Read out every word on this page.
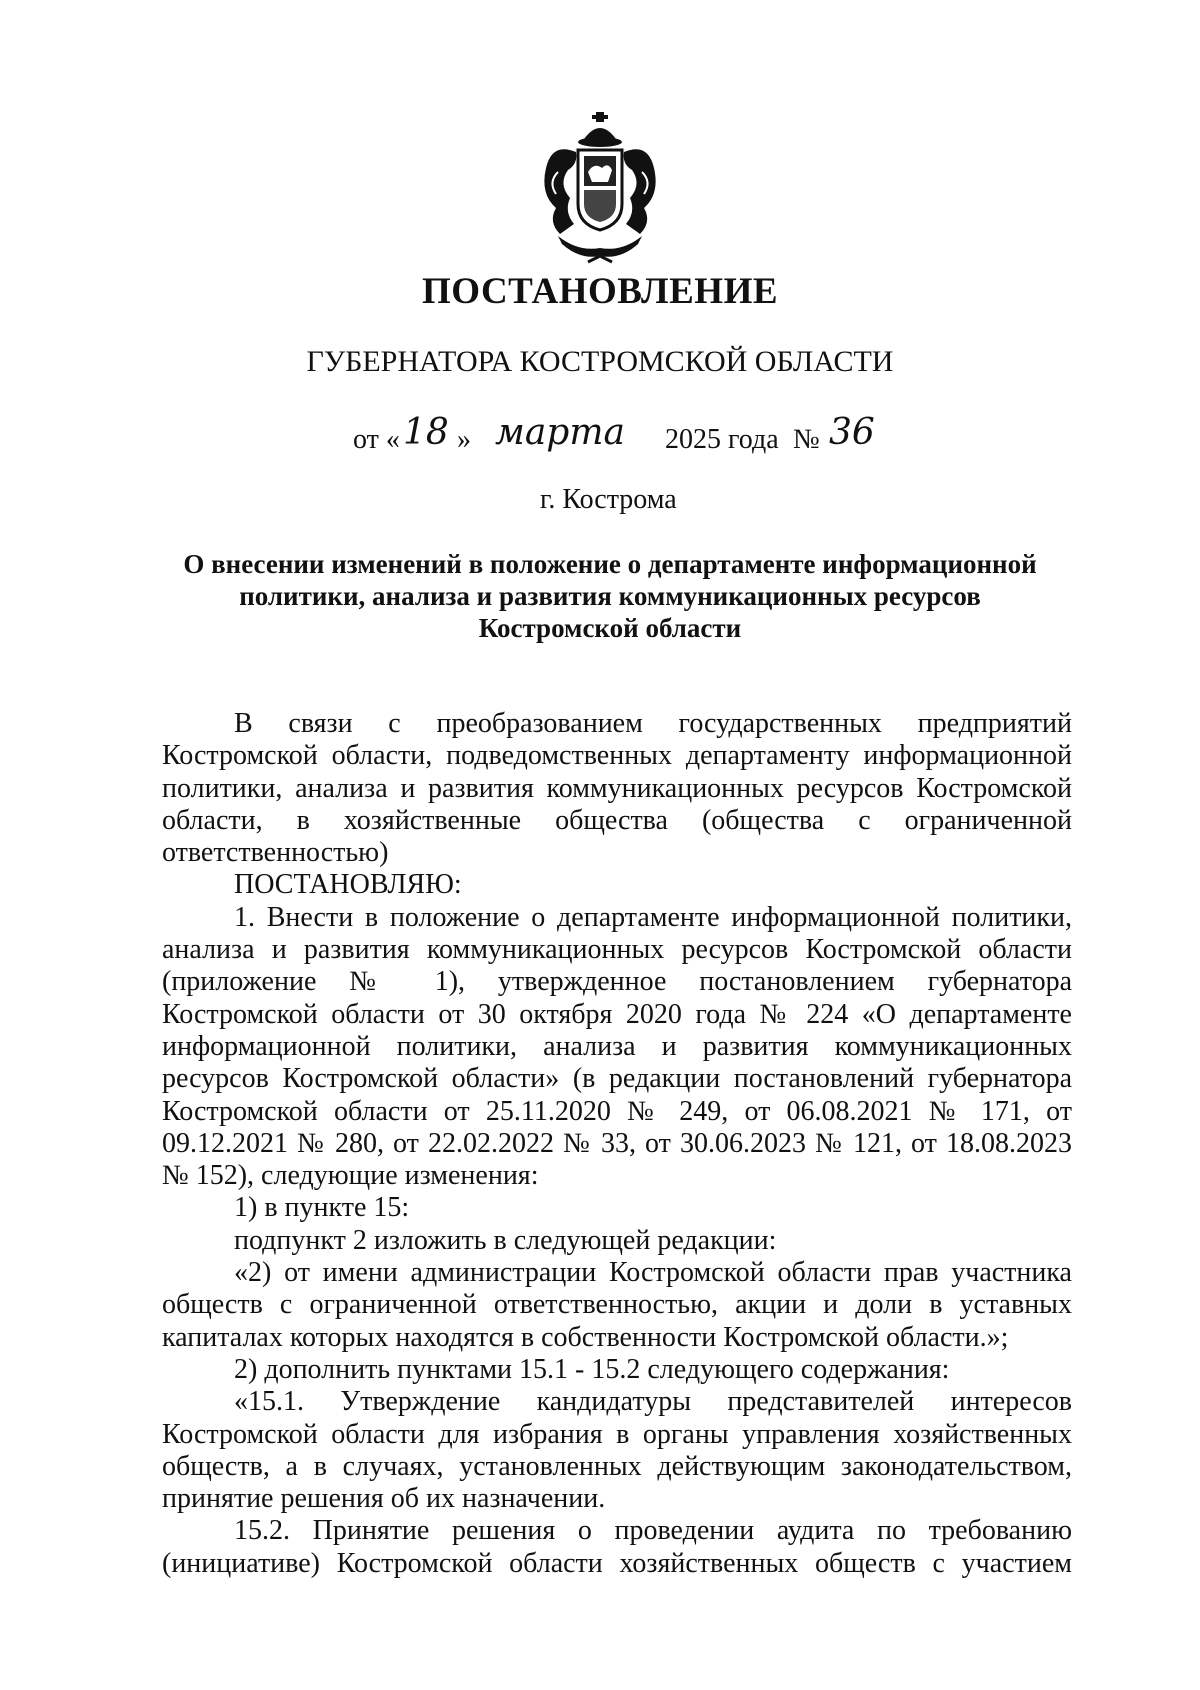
ПОСТАНОВЛЕНИЕ

ГУБЕРНАТОРА КОСТРОМСКОЙ ОБЛАСТИ

от « 18 » марта 2025 года № 36

г. Кострома

О внесении изменений в положение о департаменте информационной
политики, анализа и развития коммуникационных ресурсов
Костромской области

В связи с преобразованием государственных предприятий Костромской области, подведомственных департаменту информационной политики, анализа и развития коммуникационных ресурсов Костромской области, в хозяйственные общества (общества с ограниченной ответственностью)

ПОСТАНОВЛЯЮ:

1. Внести в положение о департаменте информационной политики, анализа и развития коммуникационных ресурсов Костромской области (приложение № 1), утвержденное постановлением губернатора Костромской области от 30 октября 2020 года № 224 «О департаменте информационной политики, анализа и развития коммуникационных ресурсов Костромской области» (в редакции постановлений губернатора Костромской области от 25.11.2020 № 249, от 06.08.2021 № 171, от 09.12.2021 № 280, от 22.02.2022 № 33, от 30.06.2023 № 121, от 18.08.2023 № 152), следующие изменения:

1) в пункте 15:

подпункт 2 изложить в следующей редакции:

«2) от имени администрации Костромской области прав участника обществ с ограниченной ответственностью, акции и доли в уставных капиталах которых находятся в собственности Костромской области.»;

2) дополнить пунктами 15.1 - 15.2 следующего содержания:

«15.1. Утверждение кандидатуры представителей интересов Костромской области для избрания в органы управления хозяйственных обществ, а в случаях, установленных действующим законодательством, принятие решения об их назначении.

15.2. Принятие решения о проведении аудита по требованию (инициативе) Костромской области хозяйственных обществ с участием
